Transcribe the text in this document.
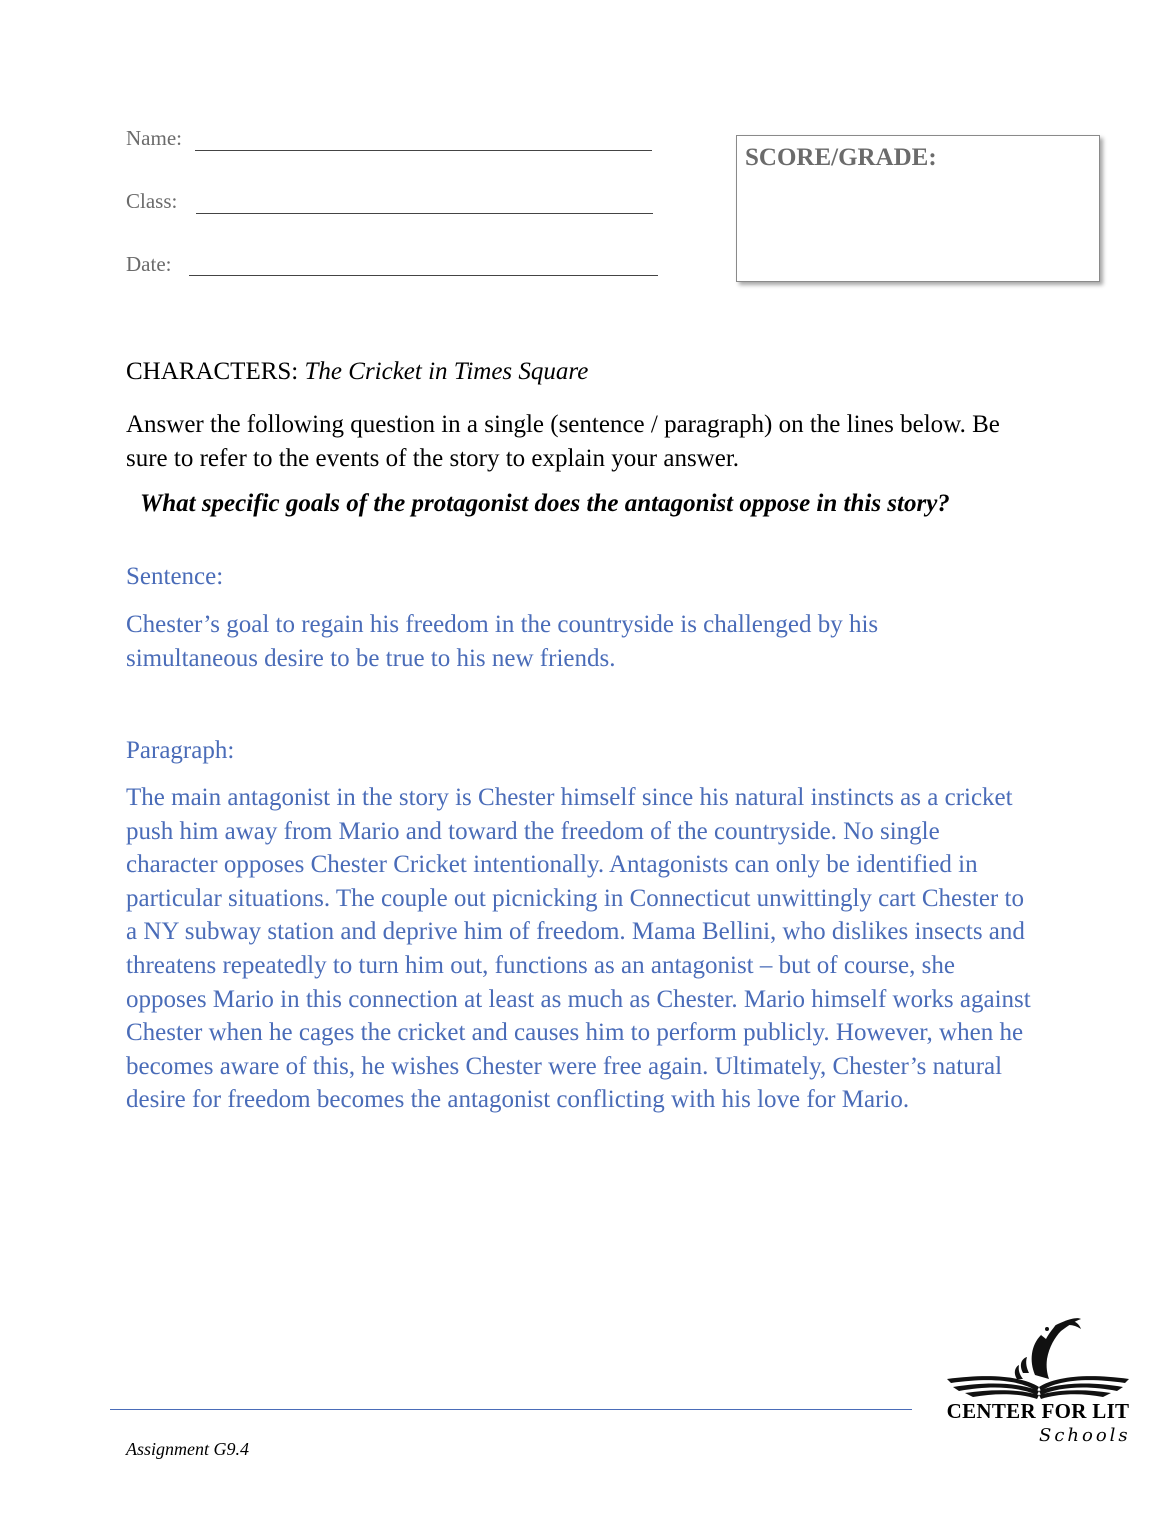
Name:
Class:
Date:
SCORE/GRADE:
CHARACTERS: The Cricket in Times Square
Answer the following question in a single (sentence / paragraph) on the lines below. Be sure to refer to the events of the story to explain your answer.
What specific goals of the protagonist does the antagonist oppose in this story?
Sentence:
Chester’s goal to regain his freedom in the countryside is challenged by his simultaneous desire to be true to his new friends.
Paragraph:
The main antagonist in the story is Chester himself since his natural instincts as a cricket push him away from Mario and toward the freedom of the countryside. No single character opposes Chester Cricket intentionally. Antagonists can only be identified in particular situations. The couple out picnicking in Connecticut unwittingly cart Chester to a NY subway station and deprive him of freedom. Mama Bellini, who dislikes insects and threatens repeatedly to turn him out, functions as an antagonist – but of course, she opposes Mario in this connection at least as much as Chester. Mario himself works against Chester when he cages the cricket and causes him to perform publicly. However, when he becomes aware of this, he wishes Chester were free again. Ultimately, Chester’s natural desire for freedom becomes the antagonist conflicting with his love for Mario.
Assignment G9.4
CENTER FOR LIT
Schools
